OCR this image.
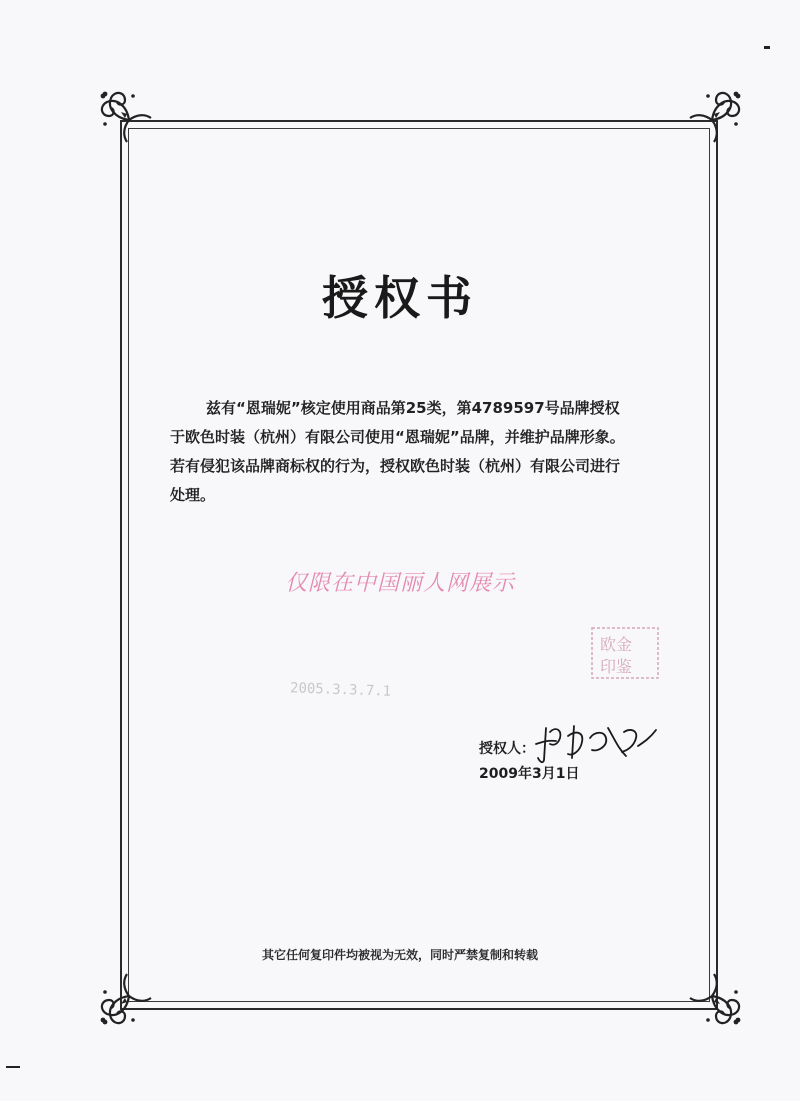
授权书

兹有“恩瑞妮”核定使用商品第25类，第4789597号品牌授权

于欧色时装（杭州）有限公司使用“恩瑞妮”品牌，并维护品牌形象。

若有侵犯该品牌商标权的行为，授权欧色时装（杭州）有限公司进行

处理。

仅限在中国丽人网展示
2005.3.3.7.1
欧金
印鉴
授权人：
2009年3月1日
其它任何复印件均被视为无效，同时严禁复制和转载
